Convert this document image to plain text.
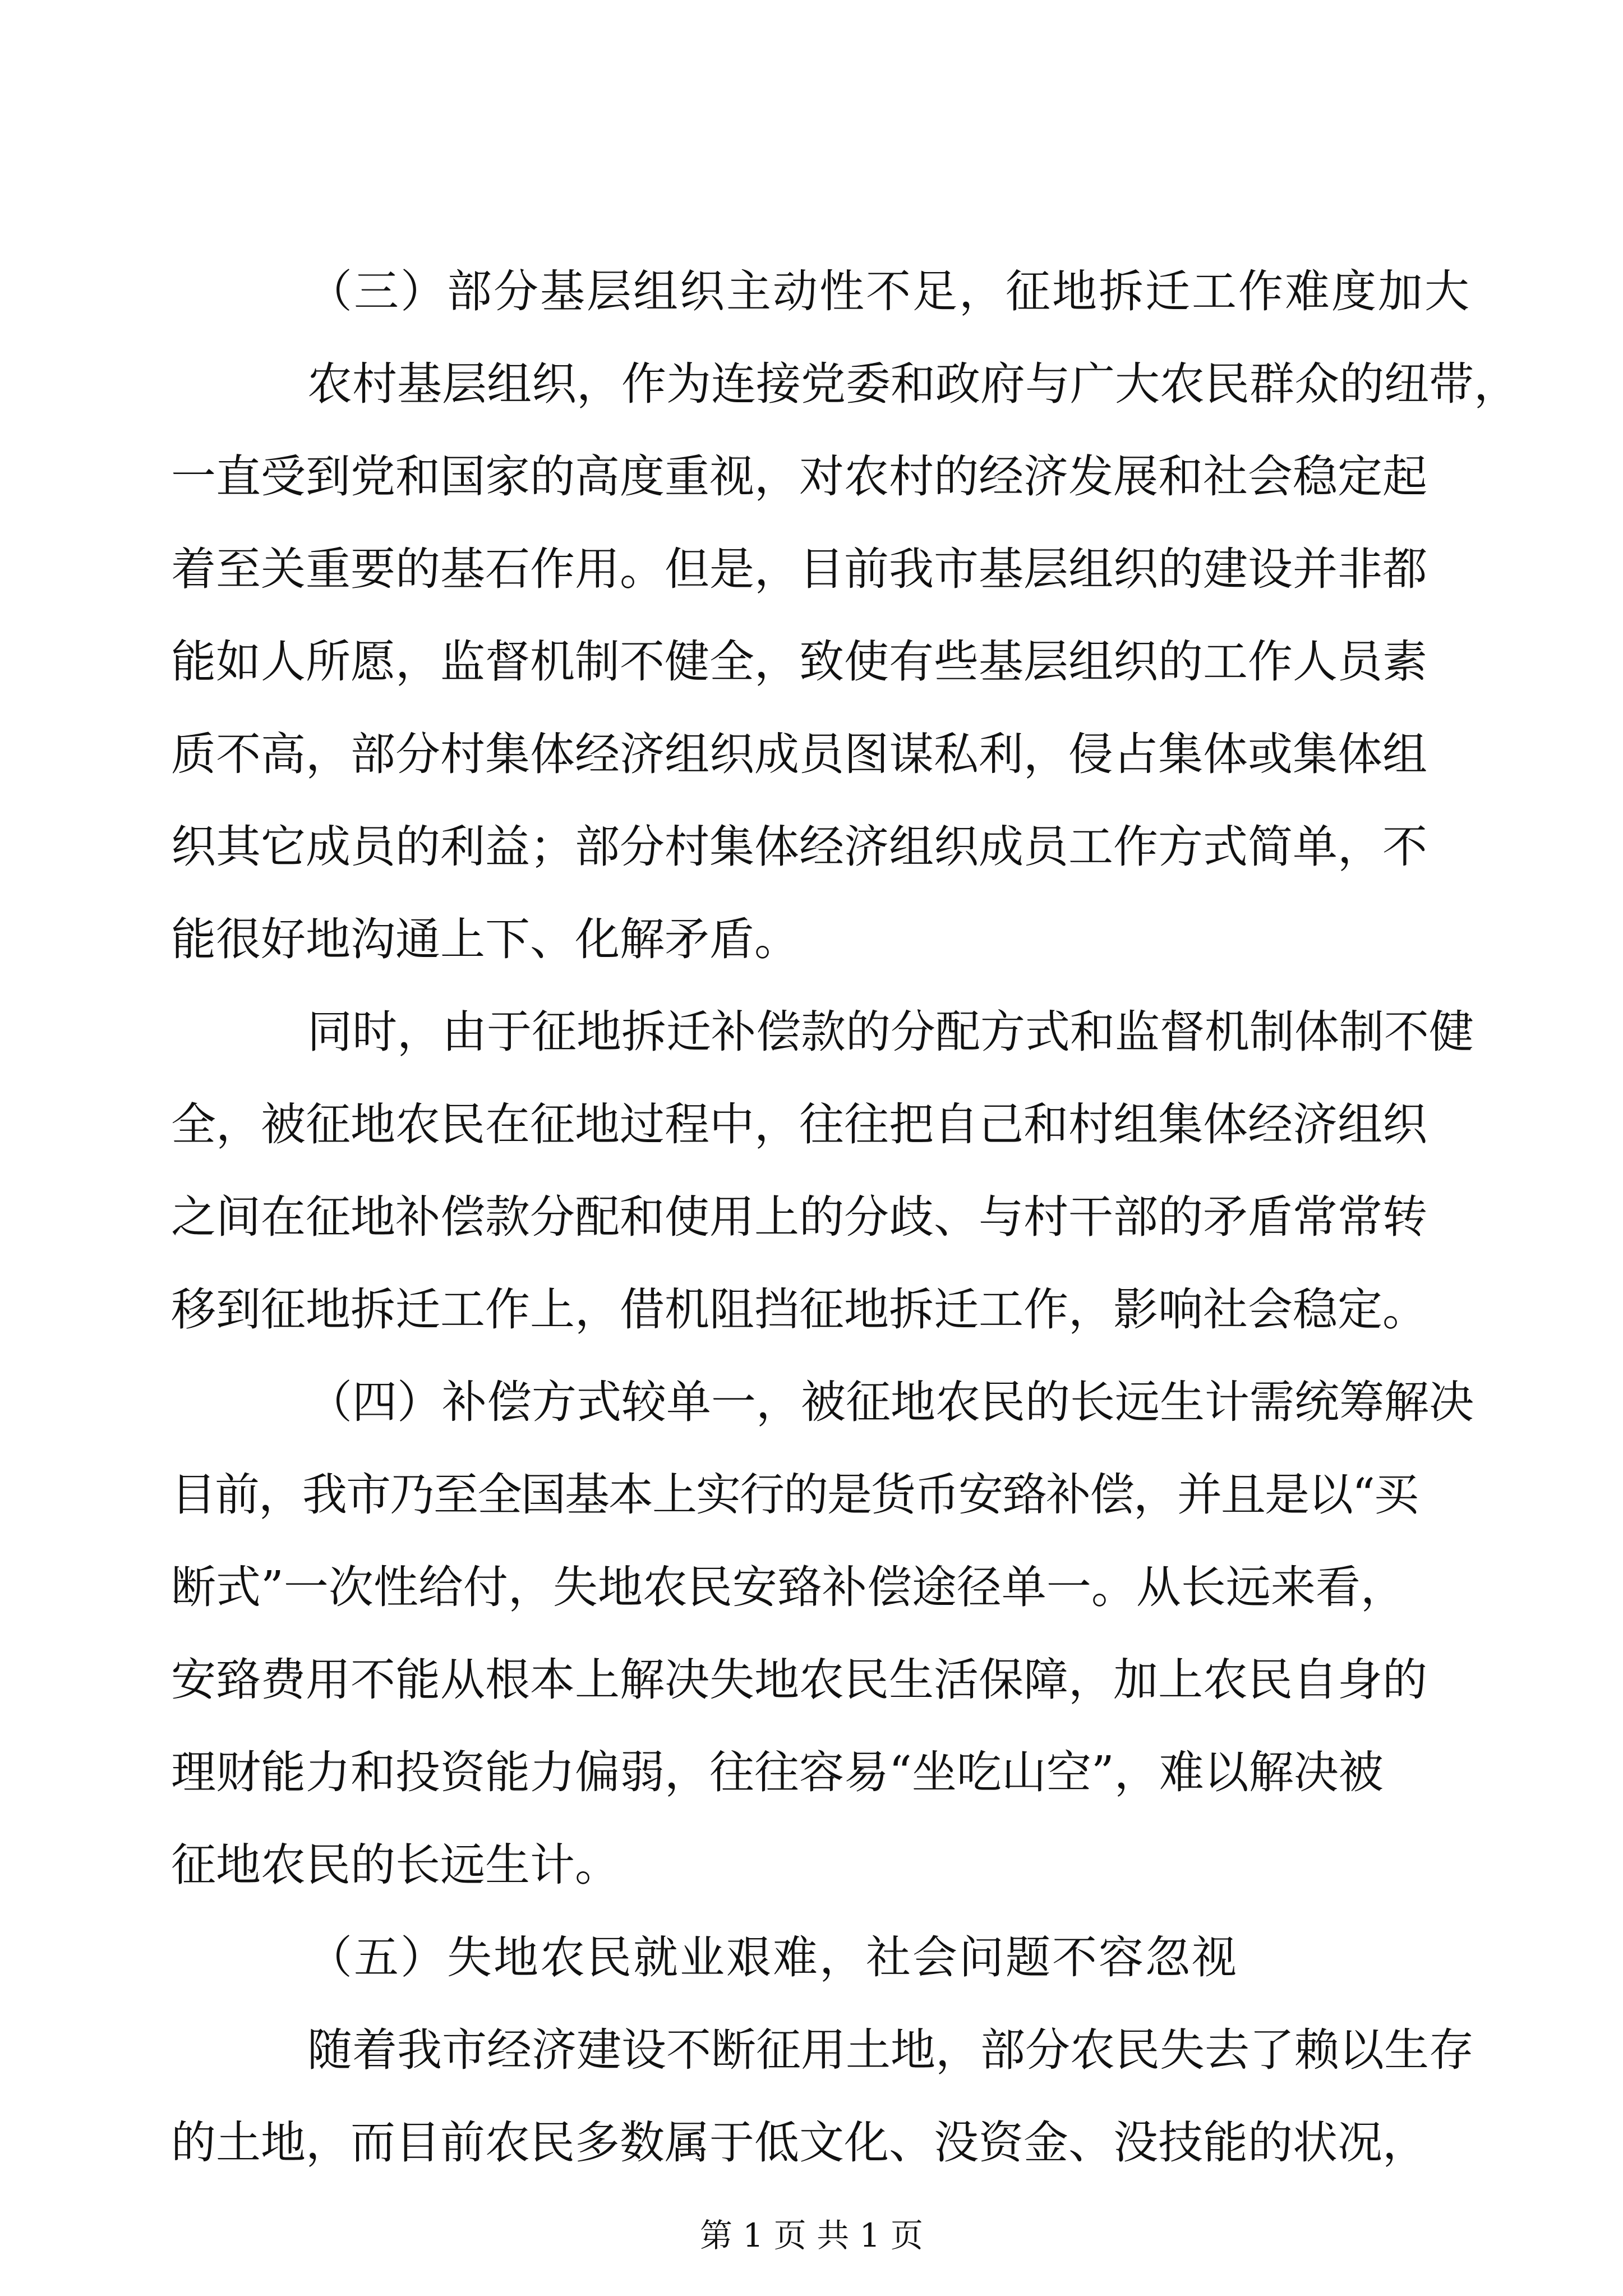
（三）部分基层组织主动性不足，征地拆迁工作难度加大

农村基层组织，作为连接党委和政府与广大农民群众的纽带，

一直受到党和国家的高度重视，对农村的经济发展和社会稳定起

着至关重要的基石作用。但是，目前我市基层组织的建设并非都

能如人所愿，监督机制不健全，致使有些基层组织的工作人员素

质不高，部分村集体经济组织成员图谋私利，侵占集体或集体组

织其它成员的利益；部分村集体经济组织成员工作方式简单，不

能很好地沟通上下、化解矛盾。

同时，由于征地拆迁补偿款的分配方式和监督机制体制不健

全，被征地农民在征地过程中，往往把自己和村组集体经济组织

之间在征地补偿款分配和使用上的分歧、与村干部的矛盾常常转

移到征地拆迁工作上，借机阻挡征地拆迁工作，影响社会稳定。

（四）补偿方式较单一，被征地农民的长远生计需统筹解决

目前，我市乃至全国基本上实行的是货币安臵补偿，并且是以“买

断式”一次性给付，失地农民安臵补偿途径单一。从长远来看，

安臵费用不能从根本上解决失地农民生活保障，加上农民自身的

理财能力和投资能力偏弱，往往容易“坐吃山空”，难以解决被

征地农民的长远生计。

（五）失地农民就业艰难，社会问题不容忽视

随着我市经济建设不断征用土地，部分农民失去了赖以生存

的土地，而目前农民多数属于低文化、没资金、没技能的状况，

第 1 页 共 1 页
